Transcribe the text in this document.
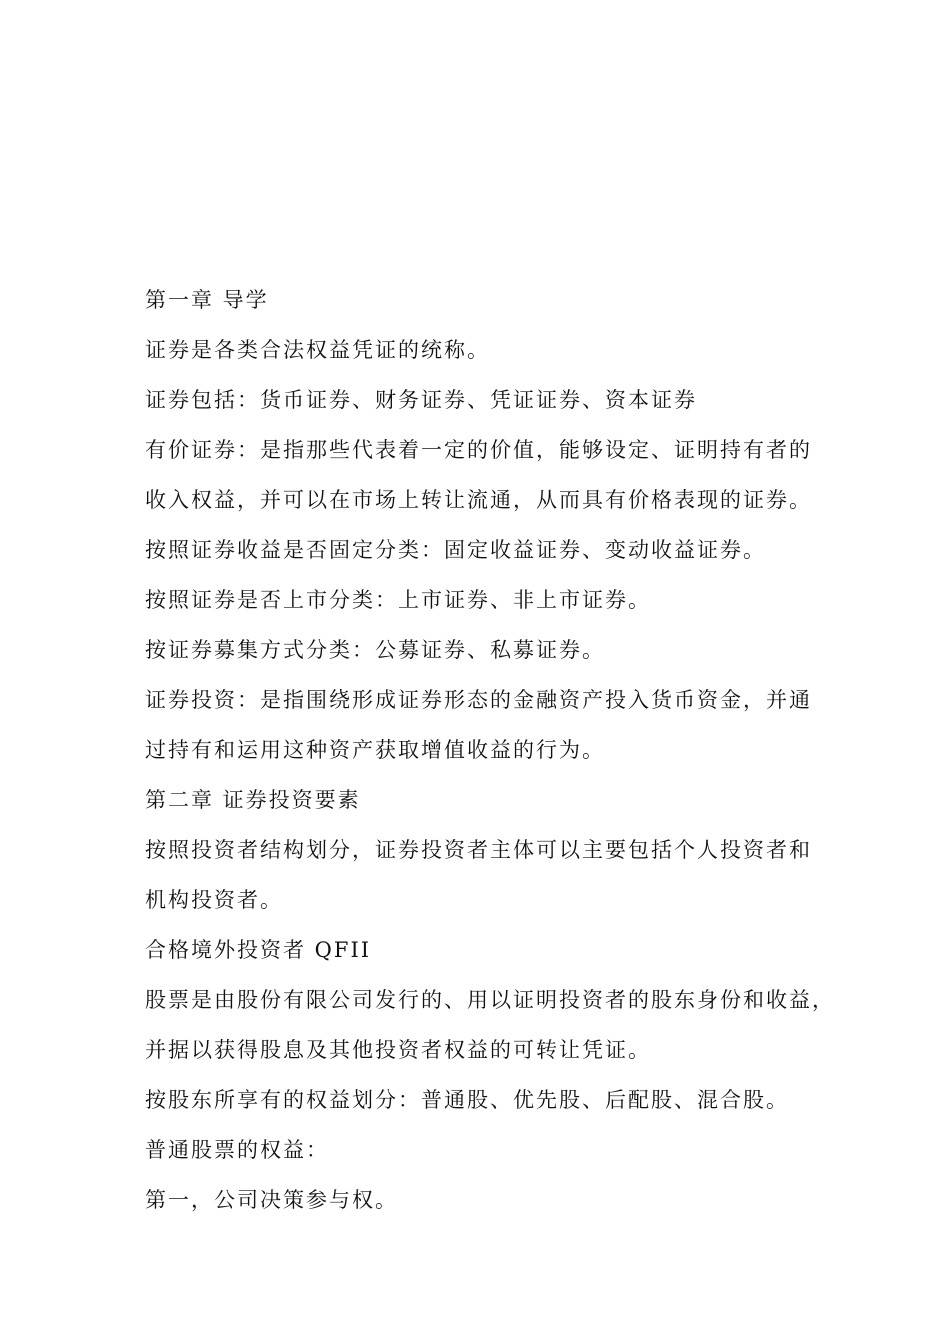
第一章 导学
证券是各类合法权益凭证的统称。
证券包括：货币证券、财务证券、凭证证券、资本证券
有价证券：是指那些代表着一定的价值，能够设定、证明持有者的
收入权益，并可以在市场上转让流通，从而具有价格表现的证券。
按照证券收益是否固定分类：固定收益证券、变动收益证券。
按照证券是否上市分类：上市证券、非上市证券。
按证券募集方式分类：公募证券、私募证券。
证券投资：是指围绕形成证券形态的金融资产投入货币资金，并通
过持有和运用这种资产获取增值收益的行为。
第二章 证券投资要素
按照投资者结构划分，证券投资者主体可以主要包括个人投资者和
机构投资者。
合格境外投资者 QFII
股票是由股份有限公司发行的、用以证明投资者的股东身份和收益，
并据以获得股息及其他投资者权益的可转让凭证。
按股东所享有的权益划分：普通股、优先股、后配股、混合股。
普通股票的权益：
第一，公司决策参与权。
